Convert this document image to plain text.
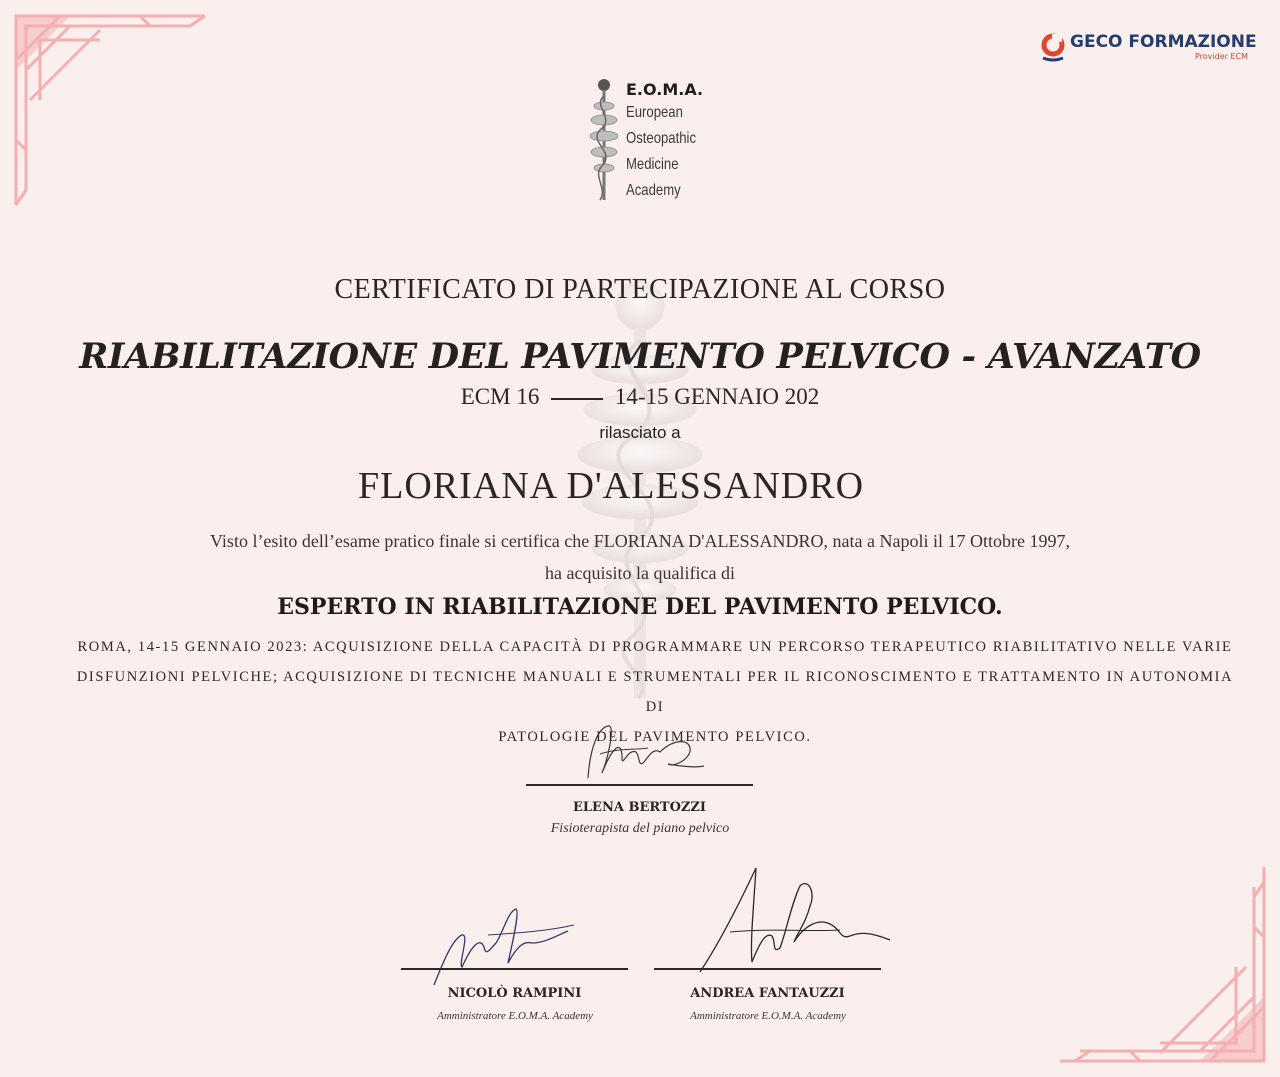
GECO FORMAZIONE
Provider ECM
E.O.M.A.
European
Osteopathic
Medicine
Academy
CERTIFICATO DI PARTECIPAZIONE AL CORSO
RIABILITAZIONE DEL PAVIMENTO PELVICO - AVANZATO
ECM 16	14-15 GENNAIO 202
rilasciato a
FLORIANA D'ALESSANDRO
Visto l’esito dell’esame pratico finale si certifica che FLORIANA D'ALESSANDRO, nata a Napoli il 17 Ottobre 1997,
ha acquisito la qualifica di
ESPERTO IN RIABILITAZIONE DEL PAVIMENTO PELVICO.
ROMA, 14-15 GENNAIO 2023: ACQUISIZIONE DELLA CAPACITÀ DI PROGRAMMARE UN PERCORSO TERAPEUTICO RIABILITATIVO NELLE VARIE
DISFUNZIONI PELVICHE; ACQUISIZIONE DI TECNICHE MANUALI E STRUMENTALI PER IL RICONOSCIMENTO E TRATTAMENTO IN AUTONOMIA DI
PATOLOGIE DEL PAVIMENTO PELVICO.
ELENA BERTOZZI
Fisioterapista del piano pelvico
NICOLÒ RAMPINI
Amministratore E.O.M.A. Academy
ANDREA FANTAUZZI
Amministratore E.O.M.A. Academy
